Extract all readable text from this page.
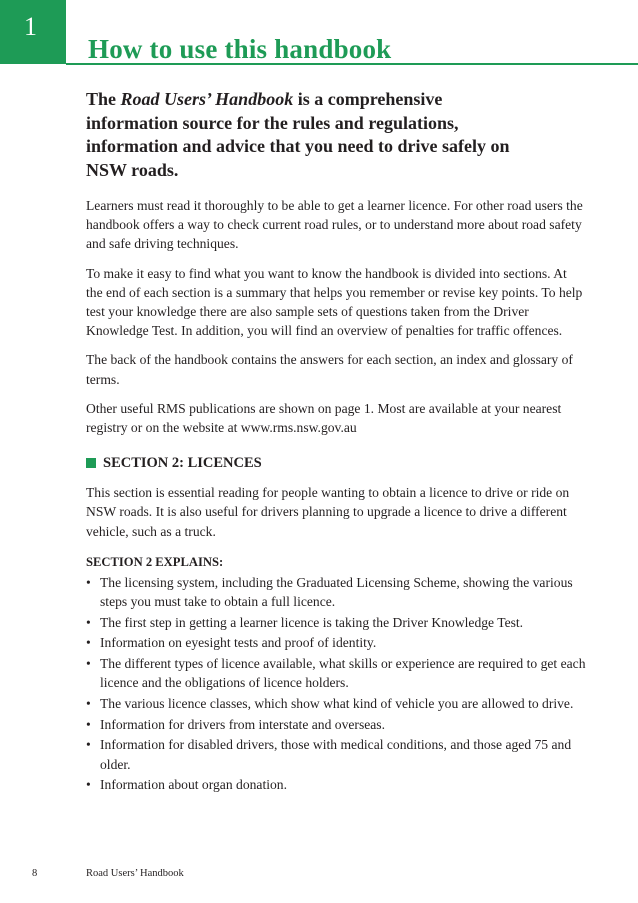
1
How to use this handbook

The Road Users’ Handbook is a comprehensive information source for the rules and regulations, information and advice that you need to drive safely on NSW roads.

Learners must read it thoroughly to be able to get a learner licence. For other road users the handbook offers a way to check current road rules, or to understand more about road safety and safe driving techniques.

To make it easy to find what you want to know the handbook is divided into sections. At the end of each section is a summary that helps you remember or revise key points. To help test your knowledge there are also sample sets of questions taken from the Driver Knowledge Test. In addition, you will find an overview of penalties for traffic offences.

The back of the handbook contains the answers for each section, an index and glossary of terms.

Other useful RMS publications are shown on page 1. Most are available at your nearest registry or on the website at www.rms.nsw.gov.au

SECTION 2: LICENCES

This section is essential reading for people wanting to obtain a licence to drive or ride on NSW roads. It is also useful for drivers planning to upgrade a licence to drive a different vehicle, such as a truck.

SECTION 2 EXPLAINS:
• The licensing system, including the Graduated Licensing Scheme, showing the various steps you must take to obtain a full licence.
• The first step in getting a learner licence is taking the Driver Knowledge Test.
• Information on eyesight tests and proof of identity.
• The different types of licence available, what skills or experience are required to get each licence and the obligations of licence holders.
• The various licence classes, which show what kind of vehicle you are allowed to drive.
• Information for drivers from interstate and overseas.
• Information for disabled drivers, those with medical conditions, and those aged 75 and older.
• Information about organ donation.
8	Road Users’ Handbook
